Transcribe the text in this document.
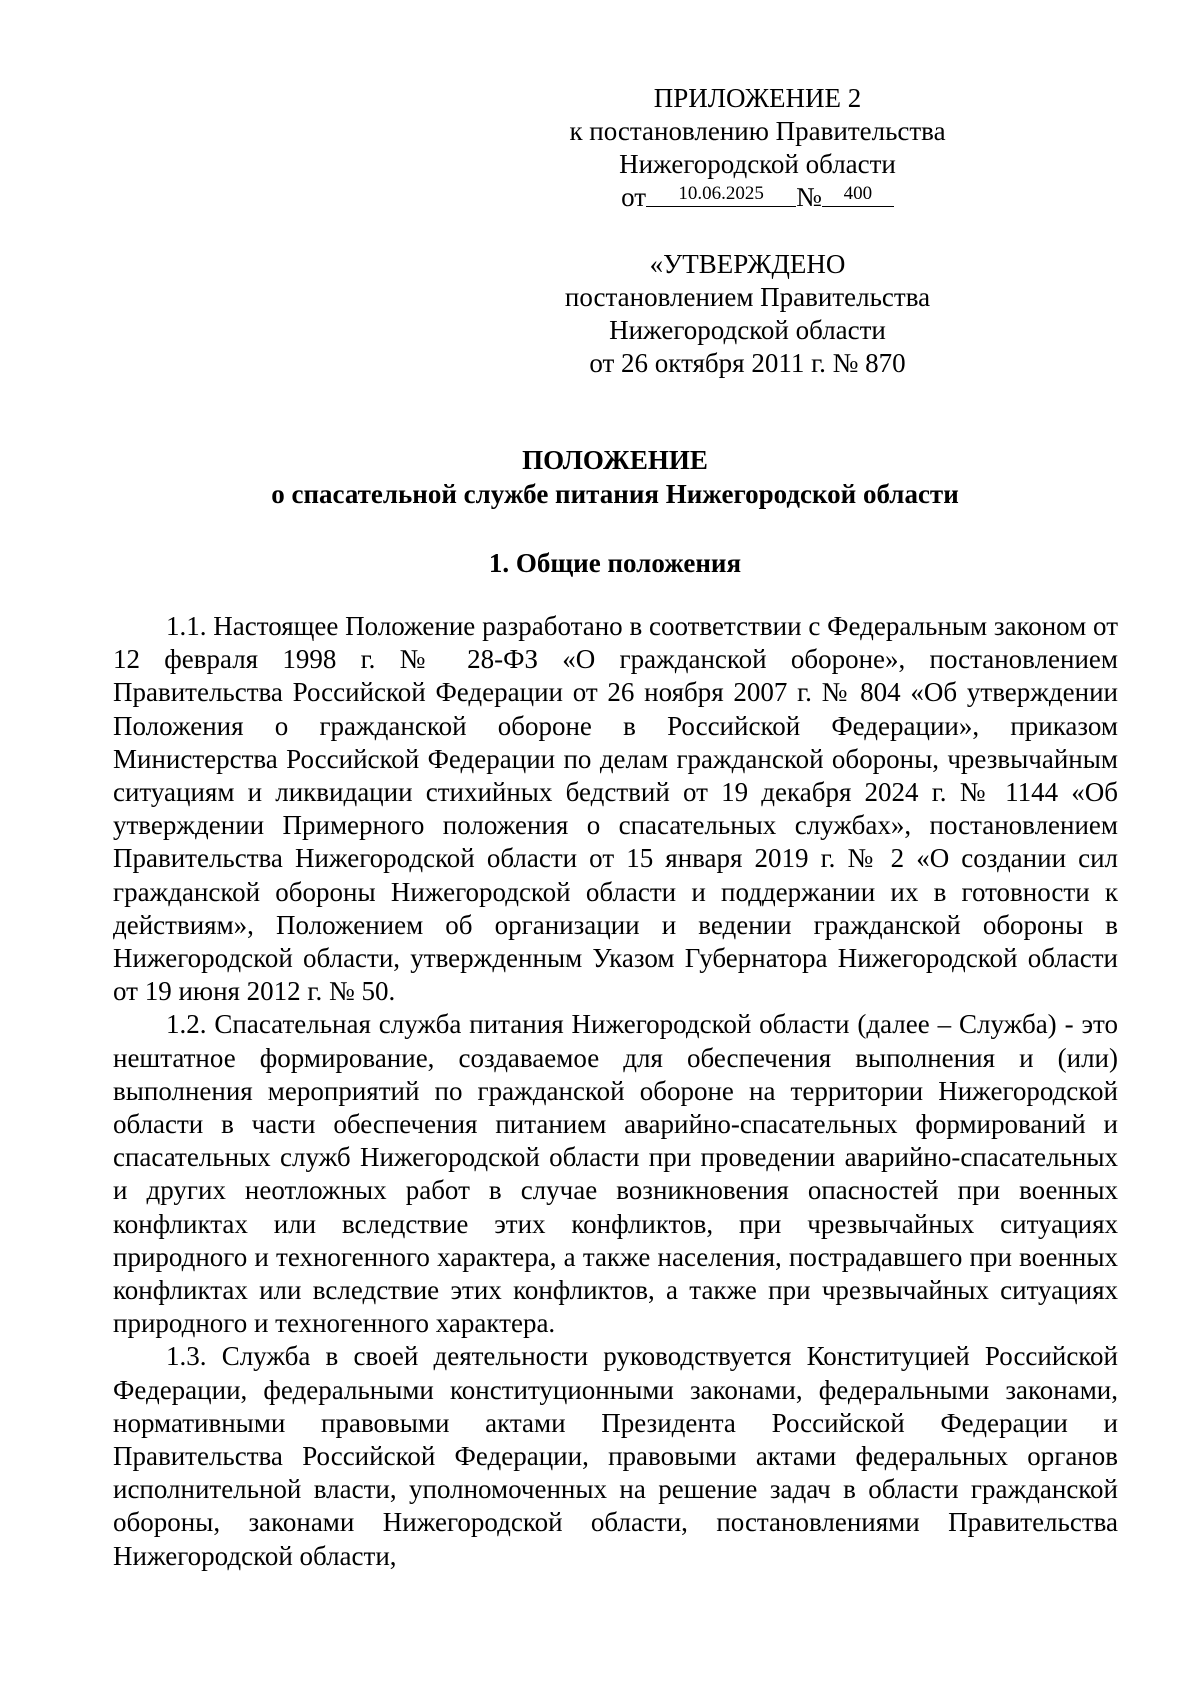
ПРИЛОЖЕНИЕ 2
к постановлению Правительства
Нижегородской области
от 10.06.2025 № 400
«УТВЕРЖДЕНО
постановлением Правительства
Нижегородской области
от 26 октября 2011 г. № 870
ПОЛОЖЕНИЕ
о спасательной службе питания Нижегородской области
1. Общие положения

1.1. Настоящее Положение разработано в соответствии с Федеральным законом от 12 февраля 1998 г. № 28-ФЗ «О гражданской обороне», постановлением Правительства Российской Федерации от 26 ноября 2007 г. № 804 «Об утверждении Положения о гражданской обороне в Российской Федерации», приказом Министерства Российской Федерации по делам гражданской обороны, чрезвычайным ситуациям и ликвидации стихийных бедствий от 19 декабря 2024 г. № 1144 «Об утверждении Примерного положения о спасательных службах», постановлением Правительства Нижегородской области от 15 января 2019 г. № 2 «О создании сил гражданской обороны Нижегородской области и поддержании их в готовности к действиям», Положением об организации и ведении гражданской обороны в Нижегородской области, утвержденным Указом Губернатора Нижегородской области от 19 июня 2012 г. № 50.

1.2. Спасательная служба питания Нижегородской области (далее – Служба) - это нештатное формирование, создаваемое для обеспечения выполнения и (или) выполнения мероприятий по гражданской обороне на территории Нижегородской области в части обеспечения питанием аварийно-спасательных формирований и спасательных служб Нижегородской области при проведении аварийно-спасательных и других неотложных работ в случае возникновения опасностей при военных конфликтах или вследствие этих конфликтов, при чрезвычайных ситуациях природного и техногенного характера, а также населения, пострадавшего при военных конфликтах или вследствие этих конфликтов, а также при чрезвычайных ситуациях природного и техногенного характера.

1.3. Служба в своей деятельности руководствуется Конституцией Российской Федерации, федеральными конституционными законами, федеральными законами, нормативными правовыми актами Президента Российской Федерации и Правительства Российской Федерации, правовыми актами федеральных органов исполнительной власти, уполномоченных на решение задач в области гражданской обороны, законами Нижегородской области, постановлениями Правительства Нижегородской области,
